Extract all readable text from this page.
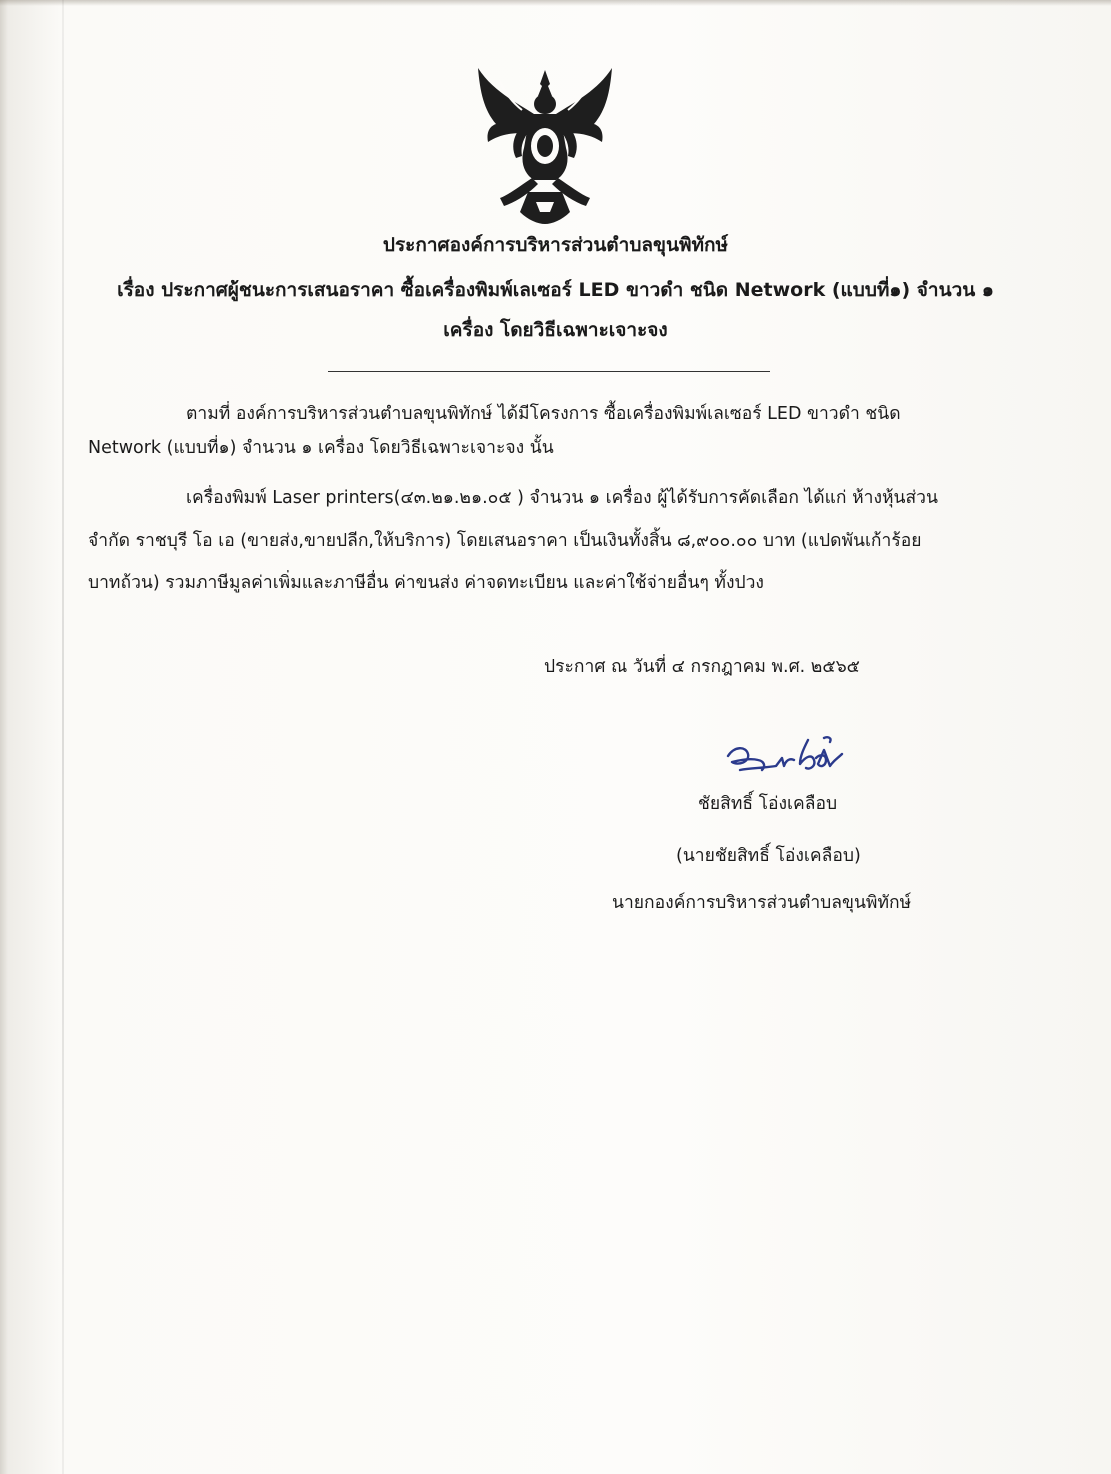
ประกาศองค์การบริหารส่วนตำบลขุนพิทักษ์
เรื่อง ประกาศผู้ชนะการเสนอราคา ซื้อเครื่องพิมพ์เลเซอร์ LED ขาวดำ ชนิด Network (แบบที่๑) จำนวน ๑
เครื่อง โดยวิธีเฉพาะเจาะจง
ตามที่ องค์การบริหารส่วนตำบลขุนพิทักษ์ ได้มีโครงการ ซื้อเครื่องพิมพ์เลเซอร์ LED ขาวดำ ชนิด
Network (แบบที่๑) จำนวน ๑ เครื่อง โดยวิธีเฉพาะเจาะจง นั้น
เครื่องพิมพ์ Laser printers(๔๓.๒๑.๒๑.๐๕ ) จำนวน ๑ เครื่อง ผู้ได้รับการคัดเลือก ได้แก่ ห้างหุ้นส่วน
จำกัด ราชบุรี โอ เอ (ขายส่ง,ขายปลีก,ให้บริการ) โดยเสนอราคา เป็นเงินทั้งสิ้น ๘,๙๐๐.๐๐ บาท (แปดพันเก้าร้อย
บาทถ้วน) รวมภาษีมูลค่าเพิ่มและภาษีอื่น ค่าขนส่ง ค่าจดทะเบียน และค่าใช้จ่ายอื่นๆ ทั้งปวง
ประกาศ ณ วันที่ ๔ กรกฎาคม พ.ศ. ๒๕๖๕
ชัยสิทธิ์ โอ่งเคลือบ
(นายชัยสิทธิ์ โอ่งเคลือบ)
นายกองค์การบริหารส่วนตำบลขุนพิทักษ์
